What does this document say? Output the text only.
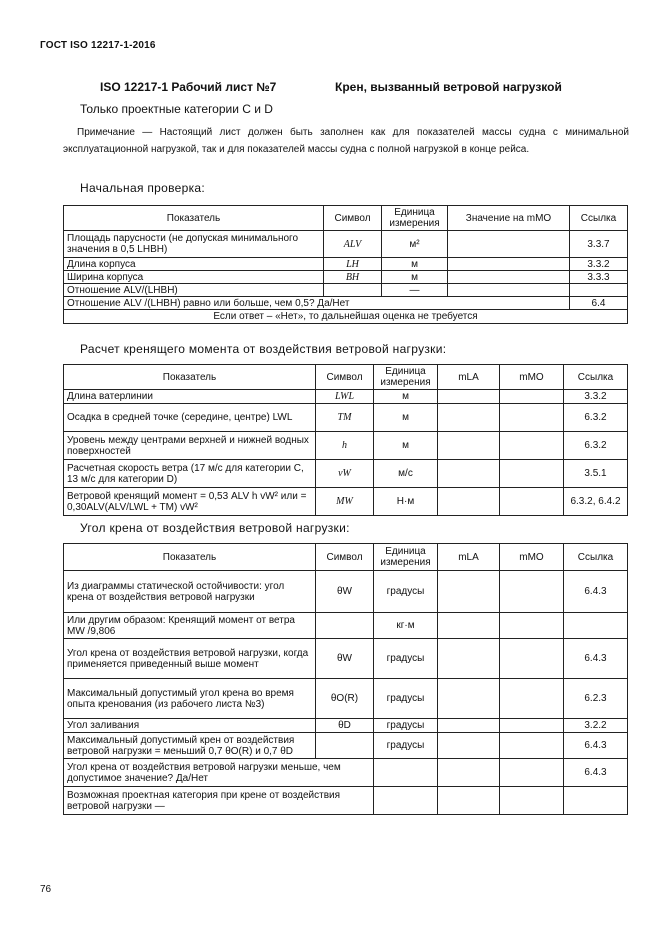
ГОСТ ISO 12217-1-2016
ISO 12217-1 Рабочий лист №7	Крен, вызванный ветровой нагрузкой
Только проектные категории C и D
Примечание — Настоящий лист должен быть заполнен как для показателей массы судна с минимальной эксплуатационной нагрузкой, так и для показателей массы судна с полной нагрузкой в конце рейса.
Начальная проверка:
Показатель	Символ	Единица измерения	Значение на mMO	Ссылка
Площадь парусности (не допуская минимального значения в 0,5 LHBH)	ALV	м²		3.3.7
Длина корпуса	LH	м		3.3.2
Ширина корпуса	BH	м		3.3.3
Отношение ALV/(LHBH)		—		
Отношение ALV /(LHBH) равно или больше, чем 0,5? Да/Нет				6.4
Если ответ – «Нет», то дальнейшая оценка не требуется				
Расчет кренящего момента от воздействия ветровой нагрузки:
Показатель	Символ	Единица измерения	mLA	mMO	Ссылка
Длина ватерлинии	LWL	м			3.3.2
Осадка в средней точке (середине, центре) LWL	TM	м			6.3.2
Уровень между центрами верхней и нижней водных поверхностей	h	м			6.3.2
Расчетная скорость ветра (17 м/с для категории C, 13 м/с для категории D)	vW	м/с			3.5.1
Ветровой кренящий момент = 0,53 ALV h vW² или = 0,30ALV(ALV/LWL + TM) vW²	MW	Н·м			6.3.2, 6.4.2
Угол крена от воздействия ветровой нагрузки:
Показатель	Символ	Единица измерения	mLA	mMO	Ссылка
Из диаграммы статической остойчивости: угол крена от воздействия ветровой нагрузки	θW	градусы			6.4.3
Или другим образом: Кренящий момент от ветра MW /9,806		кг·м			
Угол крена от воздействия ветровой нагрузки, когда применяется приведенный выше момент	θW	градусы			6.4.3
Максимальный допустимый угол крена во время опыта кренования (из рабочего листа №3)	θO(R)	градусы			6.2.3
Угол заливания	θD	градусы			3.2.2
Максимальный допустимый крен от воздействия ветровой нагрузки = меньший 0,7 θO(R) и 0,7 θD		градусы			6.4.3
Угол крена от воздействия ветровой нагрузки меньше, чем допустимое значение? Да/Нет					6.4.3
Возможная проектная категория при крене от воздействия ветровой нагрузки —					
76
